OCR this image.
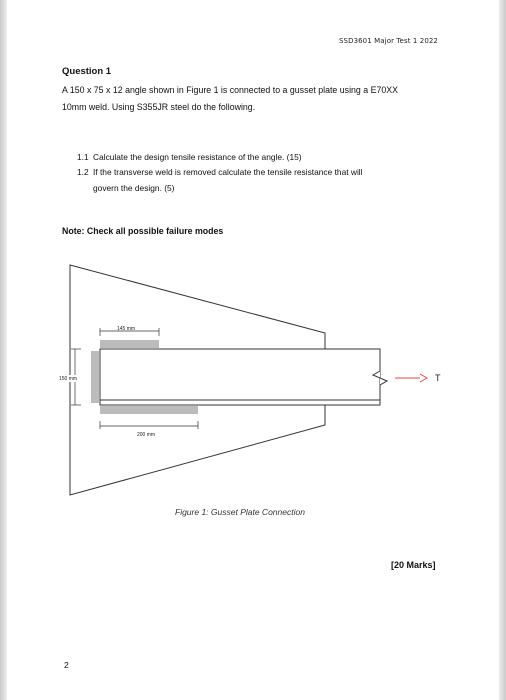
SSD3601 Major Test 1 2022
Question 1
A 150 x 75 x 12 angle shown in Figure 1 is connected to a gusset plate using a E70XX
10mm weld. Using S355JR steel do the following.
1.1 Calculate the design tensile resistance of the angle. (15)
1.2 If the transverse weld is removed calculate the tensile resistance that will
govern the design. (5)
Note: Check all possible failure modes
145 mm
150 mm
200 mm
T
Figure 1: Gusset Plate Connection
[20 Marks]
2
